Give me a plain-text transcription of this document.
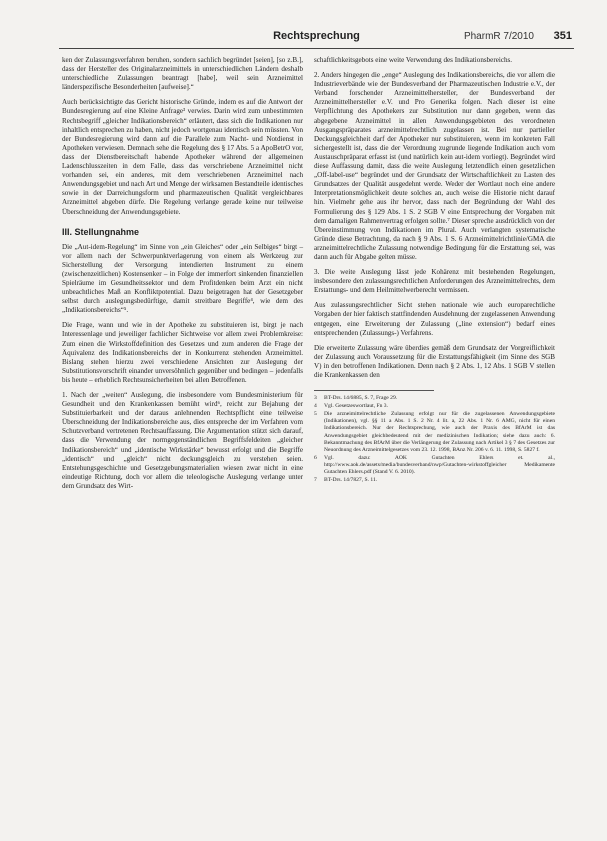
Rechtsprechung	PharmR 7/2010 351

ken der Zulassungsverfahren beruhen, sondern sachlich begründet [seien], [so z.B.], dass der Hersteller des Originalarzneimittels in unterschiedlichen Ländern deshalb unterschiedliche Zulassungen beantragt [habe], weil sein Arzneimittel länderspezifische Besonderheiten [aufweise].“

Auch berücksichtigte das Gericht historische Gründe, indem es auf die Antwort der Bundesregierung auf eine Kleine Anfrage³ verwies. Darin wird zum unbestimmten Rechtsbegriff „gleicher Indikationsbereich“ erläutert, dass sich die Indikationen nur inhaltlich entsprechen zu haben, nicht jedoch wortgenau identisch sein müssten. Von der Bundesregierung wird dann auf die Parallele zum Nacht- und Notdienst in Apotheken verwiesen. Demnach sehe die Regelung des § 17 Abs. 5 a ApoBetrO vor, dass der Dienstbereitschaft habende Apotheker während der allgemeinen Ladenschlusszeiten in dem Falle, dass das verschriebene Arzneimittel nicht vorhanden sei, ein anderes, mit dem verschriebenen Arzneimittel nach Anwendungsgebiet und nach Art und Menge der wirksamen Bestandteile identisches sowie in der Darreichungsform und pharmazeutischen Qualität vergleichbares Arzneimittel abgeben dürfe. Die Regelung verlange gerade keine nur teilweise Überschneidung der Anwendungsgebiete.

III. Stellungnahme

Die „Aut-idem-Regelung“ im Sinne von „ein Gleiches“ oder „ein Selbiges“ birgt – vor allem nach der Schwerpunktverlagerung von einem als Werkzeug zur Sicherstellung der Versorgung intendierten Instrument zu einem (zwischenzeitlichen) Kostensenker – in Folge der immerfort sinkenden finanziellen Spielräume im Gesundheitssektor und dem Profitdenken beim Arzt ein nicht unbeachtliches Maß an Konfliktpotential. Dazu beigetragen hat der Gesetzgeber selbst durch auslegungsbedürftige, damit streitbare Begriffe⁴, wie dem des „Indikationsbereichs“⁵.

Die Frage, wann und wie in der Apotheke zu substituieren ist, birgt je nach Interessenlage und jeweiliger fachlicher Sichtweise vor allem zwei Problemkreise: Zum einen die Wirkstoffdefinition des Gesetzes und zum anderen die Frage der Äquivalenz des Indikationsbereichs der in Konkurrenz stehenden Arzneimittel. Bislang stehen hierzu zwei verschiedene Ansichten zur Auslegung der Substitutionsvorschrift einander unversöhnlich gegenüber und bedingen – jedenfalls bis heute – erheblich Rechtsunsicherheiten bei allen Betroffenen.

1. Nach der „weiten“ Auslegung, die insbesondere vom Bundesministerium für Gesundheit und den Krankenkassen bemüht wird⁶, reicht zur Bejahung der Substituierbarkeit und der daraus anlehnenden Rechtspflicht eine teilweise Überschneidung der Indikationsbereiche aus, dies entspreche der im Verfahren vom Schutzverband vertretenen Rechtsauffassung. Die Argumentation stützt sich darauf, dass die Verwendung der normgegenständlichen Begriffsfeldeiten „gleicher Indikationsbereich“ und „identische Wirkstärke“ bewusst erfolgt und die Begriffe „identisch“ und „gleich“ nicht deckungsgleich zu verstehen seien. Entstehungsgeschichte und Gesetzgebungsmaterialien wiesen zwar nicht in eine eindeutige Richtung, doch vor allem die teleologische Auslegung verlange unter dem Grundsatz des Wirt-

schaftlichkeitsgebots eine weite Verwendung des Indikationsbereichs.

2. Anders hingegen die „enge“ Auslegung des Indikationsbereichs, die vor allem die Industrieverbände wie der Bundesverband der Pharmazeutischen Industrie e.V., der Verband forschender Arzneimittelhersteller, der Bundesverband der Arzneimittelhersteller e.V. und Pro Generika folgen. Nach dieser ist eine Verpflichtung des Apothekers zur Substitution nur dann gegeben, wenn das abgegebene Arzneimittel in allen Anwendungsgebieten des verordneten Ausgangspräparates arzneimittelrechtlich zugelassen ist. Bei nur partieller Deckungsgleichheit darf der Apotheker nur substituieren, wenn im konkreten Fall sichergestellt ist, dass die der Verordnung zugrunde liegende Indikation auch vom Austauschpräparat erfasst ist (und natürlich kein aut-idem vorliegt). Begründet wird diese Auffassung damit, dass die weite Auslegung letztendlich einen gesetzlichen „Off-label-use“ begründet und der Grundsatz der Wirtschaftlichkeit zu Lasten des Grundsatzes der Qualität ausgedehnt werde. Weder der Wortlaut noch eine andere Interpretationsmöglichkeit deute solches an, auch weise die Historie nicht darauf hin. Vielmehr gehe aus ihr hervor, dass nach der Begründung der Wahl des Formulierung des § 129 Abs. 1 S. 2 SGB V eine Entsprechung der Vorgaben mit dem damaligen Rahmenvertrag erfolgen sollte.⁷ Dieser spreche ausdrücklich von der Übereinstimmung von Indikationen im Plural. Auch verlangten systematische Gründe diese Betrachtung, da nach § 9 Abs. 1 S. 6 Arzneimittelrichtlinie/GMA die arzneimittelrechtliche Zulassung notwendige Bedingung für die Erstattung sei, was dann auch für Abgabe gelten müsse.

3. Die weite Auslegung lässt jede Kohärenz mit bestehenden Regelungen, insbesondere den zulassungsrechtlichen Anforderungen des Arzneimittelrechts, dem Erstattungs- und dem Heilmittelwerberecht vermissen.

Aus zulassungsrechtlicher Sicht stehen nationale wie auch europarechtliche Vorgaben der hier faktisch stattfindenden Ausdehnung der zugelassenen Anwendung entgegen, eine Erweiterung der Zulassung („line extension“) bedarf eines entsprechenden (Zulassungs-) Verfahrens.

Die erweiterte Zulassung wäre überdies gemäß dem Grundsatz der Vorgreiflichkeit der Zulassung auch Voraussetzung für die Erstattungsfähigkeit (im Sinne des SGB V) in den betroffenen Indikationen. Denn nach § 2 Abs. 1, 12 Abs. 1 SGB V stellen die Krankenkassen den

3	BT-Drs. 14/6885, S. 7, Frage 29.
4	Vgl. Gesetzeswortlaut, Fn 3.
5	Die arzneimittelrechtliche Zulassung erfolgt nur für die zugelassenen Anwendungsgebiete (Indikationen), vgl. §§ 11 a Abs. 1 S. 2 Nr. 4 lit. a, 22 Abs. 1 Nr. 6 AMG, nicht für einen Indikationsbereich. Nur der Rechtsprechung, wie auch der Praxis des BfArM ist das Anwendungsgebiet gleichbedeutend mit der medizinischen Indikation; siehe dazu auch: 6. Bekanntmachung des BfArM über die Verlängerung der Zulassung nach Artikel 3 § 7 des Gesetzes zur Neuordnung des Arzneimittelgesetzes vom 23. 12. 1998, BAnz Nr. 206 v. 6. 11. 1998, S. 5827 f.
6	Vgl. dazu: AOK Gutachten Ehlers et. al., http://www.aok.de/assets/media/bundesverband/nwp/Gutachten-wirkstoffgleicher Medikamente Gutachten Ehlers.pdf (Stand V. 6. 2010).
7	BT-Drs. 14/7827, S. 11.
